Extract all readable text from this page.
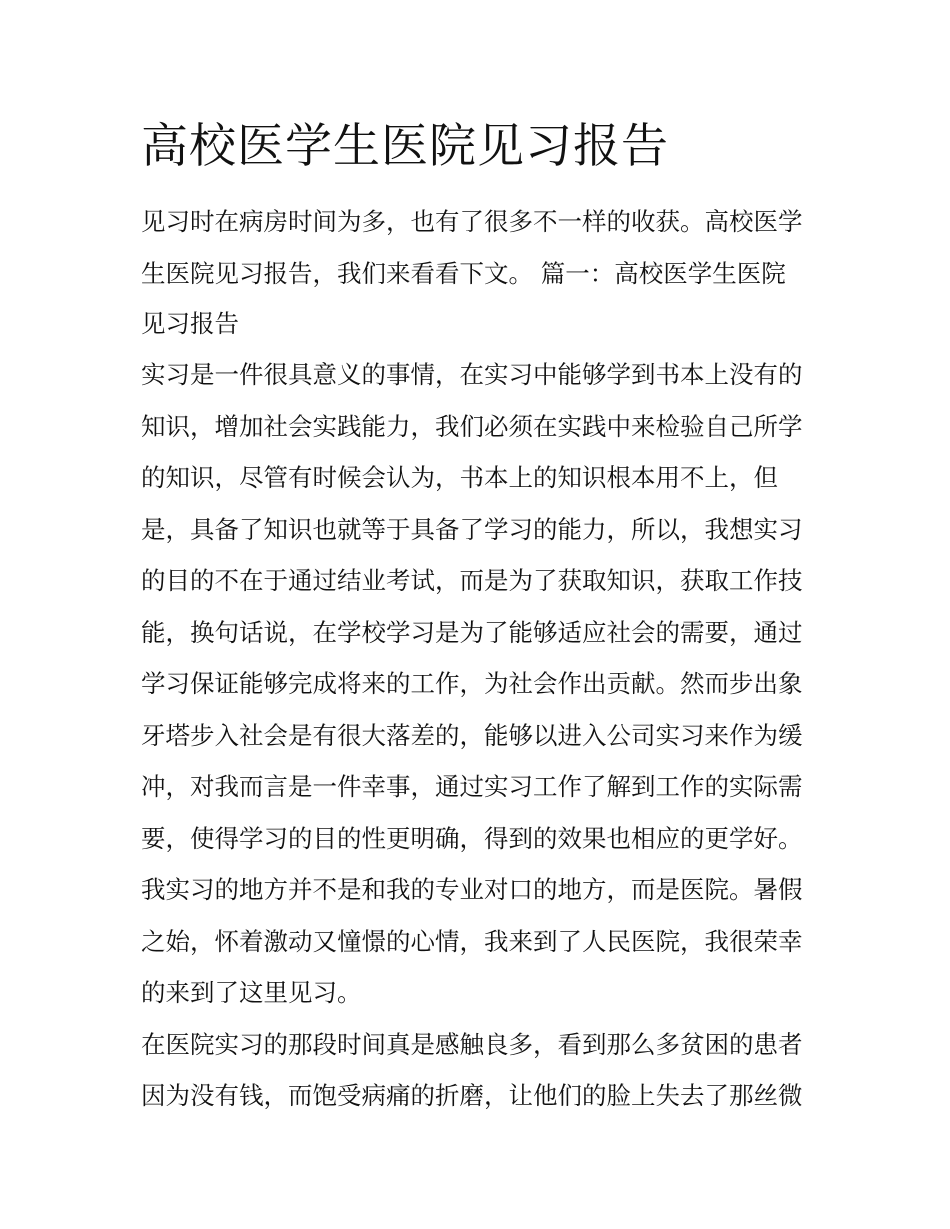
高校医学生医院见习报告
见习时在病房时间为多，也有了很多不一样的收获。高校医学
生医院见习报告，我们来看看下文。 篇一：高校医学生医院
见习报告
实习是一件很具意义的事情，在实习中能够学到书本上没有的
知识，增加社会实践能力，我们必须在实践中来检验自己所学
的知识，尽管有时候会认为，书本上的知识根本用不上，但
是，具备了知识也就等于具备了学习的能力，所以，我想实习
的目的不在于通过结业考试，而是为了获取知识，获取工作技
能，换句话说，在学校学习是为了能够适应社会的需要，通过
学习保证能够完成将来的工作，为社会作出贡献。然而步出象
牙塔步入社会是有很大落差的，能够以进入公司实习来作为缓
冲，对我而言是一件幸事，通过实习工作了解到工作的实际需
要，使得学习的目的性更明确，得到的效果也相应的更学好。
我实习的地方并不是和我的专业对口的地方，而是医院。暑假
之始，怀着激动又憧憬的心情，我来到了人民医院，我很荣幸
的来到了这里见习。
在医院实习的那段时间真是感触良多，看到那么多贫困的患者
因为没有钱，而饱受病痛的折磨，让他们的脸上失去了那丝微
